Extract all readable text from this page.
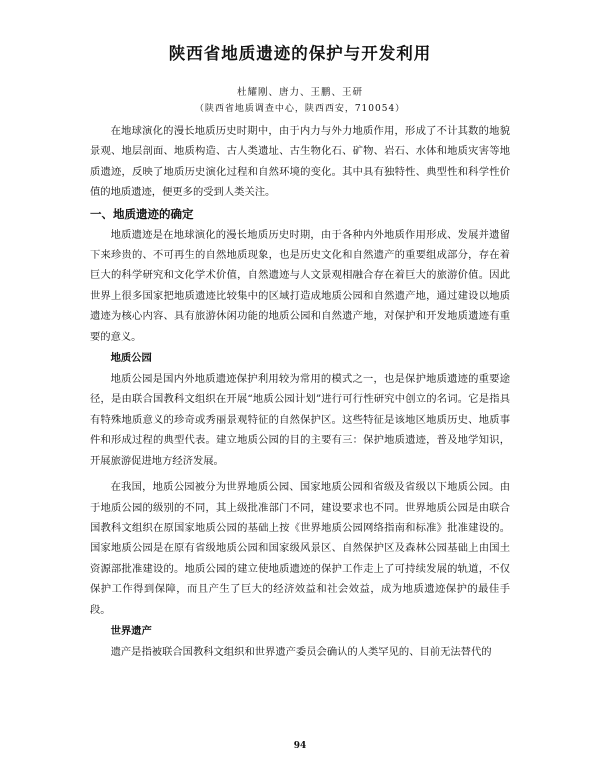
陕西省地质遗迹的保护与开发利用
杜耀刚、唐力、王鹏、王研
（陕西省地质调查中心，陕西西安，710054）

在地球演化的漫长地质历史时期中，由于内力与外力地质作用，形成了不计其数的地貌景观、地层剖面、地质构造、古人类遗址、古生物化石、矿物、岩石、水体和地质灾害等地质遗迹，反映了地质历史演化过程和自然环境的变化。其中具有独特性、典型性和科学性价值的地质遗迹，便更多的受到人类关注。

一、地质遗迹的确定

地质遗迹是在地球演化的漫长地质历史时期，由于各种内外地质作用形成、发展并遗留下来珍贵的、不可再生的自然地质现象，也是历史文化和自然遗产的重要组成部分，存在着巨大的科学研究和文化学术价值，自然遗迹与人文景观相融合存在着巨大的旅游价值。因此世界上很多国家把地质遗迹比较集中的区域打造成地质公园和自然遗产地，通过建设以地质遗迹为核心内容、具有旅游休闲功能的地质公园和自然遗产地，对保护和开发地质遗迹有重要的意义。

地质公园

地质公园是国内外地质遗迹保护利用较为常用的模式之一，也是保护地质遗迹的重要途径，是由联合国教科文组织在开展“地质公园计划”进行可行性研究中创立的名词。它是指具有特殊地质意义的珍奇或秀丽景观特征的自然保护区。这些特征是该地区地质历史、地质事件和形成过程的典型代表。建立地质公园的目的主要有三：保护地质遗迹，普及地学知识，开展旅游促进地方经济发展。

在我国，地质公园被分为世界地质公园、国家地质公园和省级及省级以下地质公园。由于地质公园的级别的不同，其上级批准部门不同，建设要求也不同。世界地质公园是由联合国教科文组织在原国家地质公园的基础上按《世界地质公园网络指南和标准》批准建设的。国家地质公园是在原有省级地质公园和国家级风景区、自然保护区及森林公园基础上由国土资源部批准建设的。地质公园的建立使地质遗迹的保护工作走上了可持续发展的轨道，不仅保护工作得到保障，而且产生了巨大的经济效益和社会效益，成为地质遗迹保护的最佳手段。

世界遗产

遗产是指被联合国教科文组织和世界遗产委员会确认的人类罕见的、目前无法替代的

94
